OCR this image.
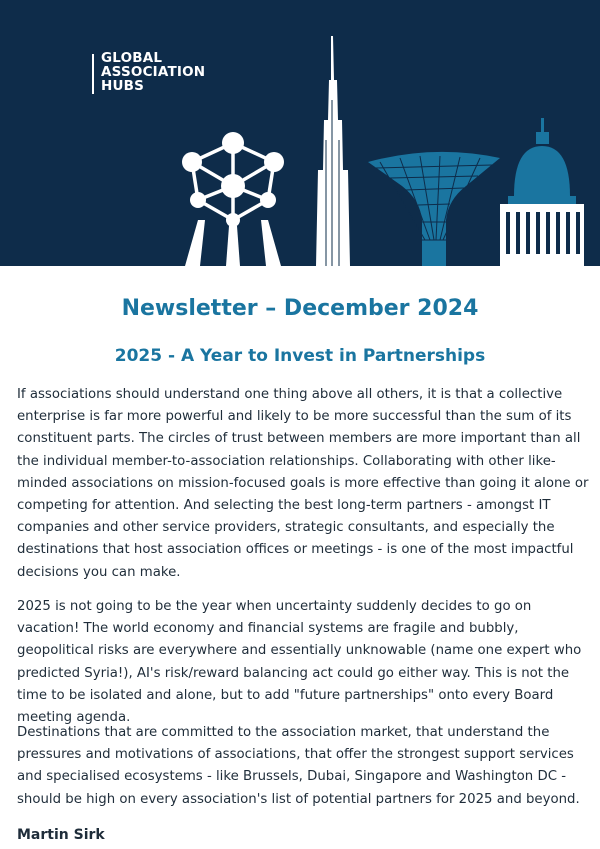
GLOBAL
ASSOCIATION
HUBS
Newsletter – December 2024
2025 - A Year to Invest in Partnerships

If associations should understand one thing above all others, it is that a collective enterprise is far more powerful and likely to be more successful than the sum of its constituent parts. The circles of trust between members are more important than all the individual member-to-association relationships. Collaborating with other like-minded associations on mission-focused goals is more effective than going it alone or competing for attention. And selecting the best long-term partners - amongst IT companies and other service providers, strategic consultants, and especially the destinations that host association offices or meetings - is one of the most impactful decisions you can make.

2025 is not going to be the year when uncertainty suddenly decides to go on vacation! The world economy and financial systems are fragile and bubbly, geopolitical risks are everywhere and essentially unknowable (name one expert who predicted Syria!), AI's risk/reward balancing act could go either way. This is not the time to be isolated and alone, but to add "future partnerships" onto every Board meeting agenda.

Destinations that are committed to the association market, that understand the pressures and motivations of associations, that offer the strongest support services and specialised ecosystems - like Brussels, Dubai, Singapore and Washington DC - should be high on every association's list of potential partners for 2025 and beyond.

Martin Sirk
